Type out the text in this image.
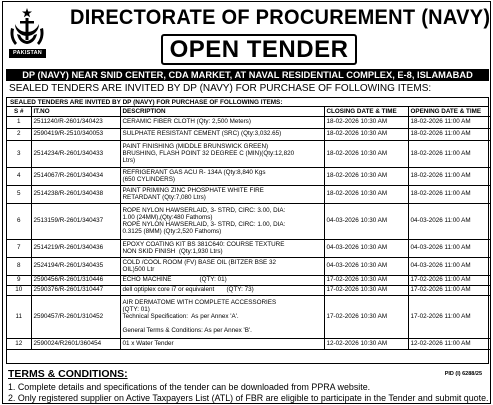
PAKISTAN
DIRECTORATE OF PROCUREMENT (NAVY)
OPEN TENDER
DP (NAVY) NEAR SNID CENTER, CDA MARKET, AT NAVAL RESIDENTIAL COMPLEX, E-8, ISLAMABAD
SEALED TENDERS ARE INVITED BY DP (NAVY) FOR PURCHASE OF FOLLOWING ITEMS:
SEALED TENDERS ARE INVITED BY DP (NAVY) FOR PURCHASE OF FOLLOWING ITEMS:
S #	IT.NO	DESCRIPTION	CLOSING DATE & TIME	OPENING DATE & TIME
1	2511240/R-2601/340423	CERAMIC FIBER CLOTH (Qty: 2,500 Meters)	18-02-2026 10:30 AM	18-02-2026 11:00 AM
2	2590419/R-2510/340053	SULPHATE RESISTANT CEMENT (SRC) (Qty:3,032.65)	18-02-2026 10:30 AM	18-02-2026 11:00 AM
3	2514234/R-2601/340433	PAINT FINISHING (MIDDLE BRUNSWICK GREEN)
BRUSHING, FLASH POINT 32 DEGREE C (MIN)(Qty:12,820
Ltrs)	18-02-2026 10:30 AM	18-02-2026 11:00 AM
4	2514067/R-2601/340434	REFRIGERANT GAS ACU R- 134A (Qty:8,840 Kgs
(650 CYLINDERS)	18-02-2026 10:30 AM	18-02-2026 11:00 AM
5	2514238/R-2601/340438	PAINT PRIMING ZINC PHOSPHATE WHITE FIRE
RETARDANT (Qty:7,080 Ltrs)	18-02-2026 10:30 AM	18-02-2026 11:00 AM
6	2513159/R-2601/340437	ROPE NYLON HAWSERLAID, 3- STRD, CIRC: 3.00, DIA:
1.00 (24MM),(Qty:480 Fathoms)
ROPE NYLON HAWSERLAID, 3- STRD, CIRC: 1.00, DIA:
0.3125 (8MM) (Qty:2,520 Fathoms)	04-03-2026 10:30 AM	04-03-2026 11:00 AM
7	2514219/R-2601/340436	EPOXY COATING KIT BS 381C640: COURSE TEXTURE
NON SKID FINISH  (Qty:1,930 Ltrs)	04-03-2026 10:30 AM	04-03-2026 11:00 AM
8	2524194/R-2601/340435	COLD /COOL ROOM (FV) BASE OIL (BITZER BSE 32
OIL)500 Ltr	04-03-2026 10:30 AM	04-03-2026 11:00 AM
9	2590456/R-2601/310446	ECHO MACHINE                (QTY: 01)	17-02-2026 10:30 AM	17-02-2026 11:00 AM
10	2590376/R-2601/310447	dell optiplex core i7 or equivalent       (QTY: 73)	17-02-2026 10:30 AM	17-02-2026 11:00 AM
11	2590457/R-2601/310452	AIR DERMATOME WITH COMPLETE ACCESSORIES
(QTY: 01)
Technical Specification:  As per Annex 'A'.
General Terms & Conditions: As per Annex 'B'.	17-02-2026 10:30 AM	17-02-2026 11:00 AM
12	2590024/R2601/360454	01 x Water Tender	12-02-2026 10:30 AM	12-02-2026 11:00 AM
TERMS & CONDITIONS:	PID (I) 6288/25
1. Complete details and specifications of the tender can be downloaded from PPRA website.
2. Only registered supplier on Active Taxpayers List (ATL) of FBR are eligible to participate in the Tender and submit quote.
